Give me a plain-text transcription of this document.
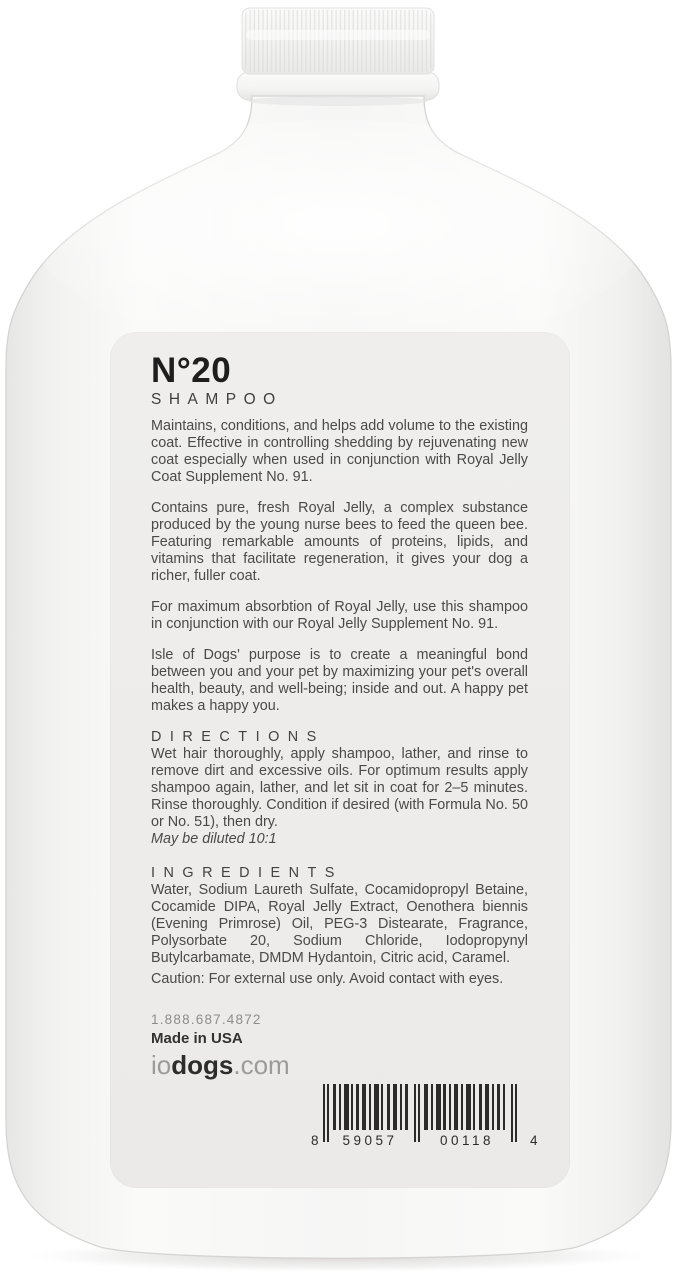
N°20
SHAMPOO

Maintains, conditions, and helps add volume to the existing coat. Effective in controlling shedding by rejuvenating new coat especially when used in conjunction with Royal Jelly Coat Supplement No. 91.

Contains pure, fresh Royal Jelly, a complex substance produced by the young nurse bees to feed the queen bee. Featuring remarkable amounts of proteins, lipids, and vitamins that facilitate regeneration, it gives your dog a richer, fuller coat.

For maximum absorbtion of Royal Jelly, use this shampoo in conjunction with our Royal Jelly Supplement No. 91.

Isle of Dogs' purpose is to create a meaningful bond between you and your pet by maximizing your pet's overall health, beauty, and well-being; inside and out. A happy pet makes a happy you.

DIRECTIONS

Wet hair thoroughly, apply shampoo, lather, and rinse to remove dirt and excessive oils. For optimum results apply shampoo again, lather, and let sit in coat for 2–5 minutes. Rinse thoroughly. Condition if desired (with Formula No. 50 or No. 51), then dry.

May be diluted 10:1

INGREDIENTS

Water, Sodium Laureth Sulfate, Cocamidopropyl Betaine, Cocamide DIPA, Royal Jelly Extract, Oenothera biennis (Evening Primrose) Oil, PEG-3 Distearate, Fragrance, Polysorbate 20, Sodium Chloride, Iodopropynyl Butylcarbamate, DMDM Hydantoin, Citric acid, Caramel.

Caution: For external use only. Avoid contact with eyes.

1.888.687.4872
Made in USA
iodogs.com
8 59057	00118	4
